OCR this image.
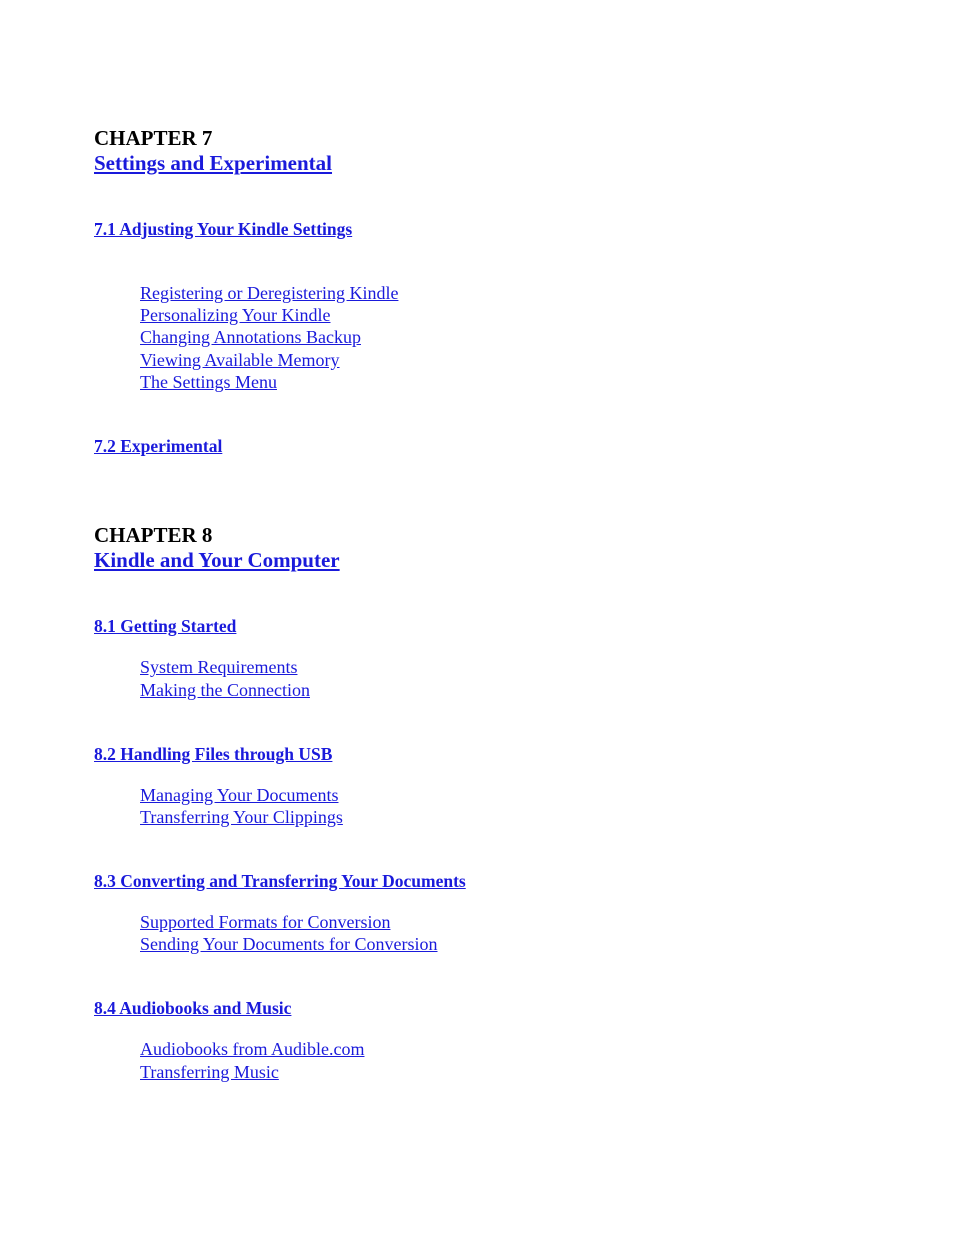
CHAPTER 7
Settings and Experimental
7.1 Adjusting Your Kindle Settings
Registering or Deregistering Kindle
Personalizing Your Kindle
Changing Annotations Backup
Viewing Available Memory
The Settings Menu
7.2 Experimental
CHAPTER 8
Kindle and Your Computer
8.1 Getting Started
System Requirements
Making the Connection
8.2 Handling Files through USB
Managing Your Documents
Transferring Your Clippings
8.3 Converting and Transferring Your Documents
Supported Formats for Conversion
Sending Your Documents for Conversion
8.4 Audiobooks and Music
Audiobooks from Audible.com
Transferring Music
